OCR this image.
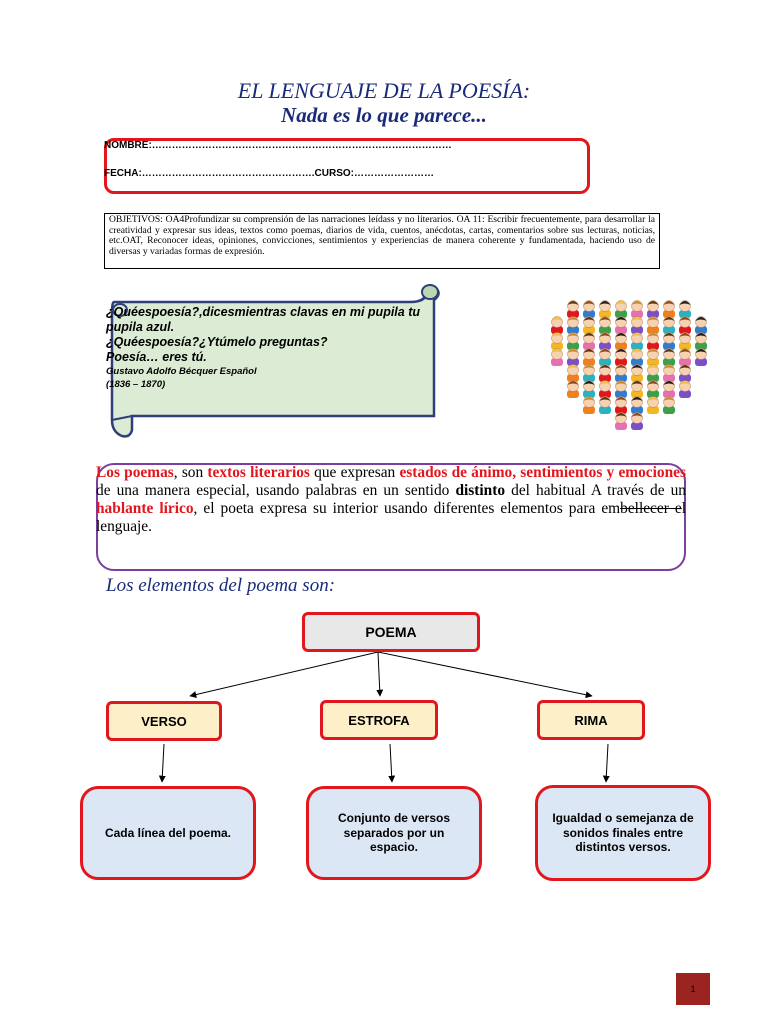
EL LENGUAJE DE LA POESÍA:
Nada es lo que parece...
NOMBRE:………………………………………………………………………………
FECHA:…………………………………………….CURSO:……………………
OBJETIVOS: OA4Profundizar su comprensión de las narraciones leídass y no literarios. OA 11: Escribir frecuentemente, para desarrollar la creatividad y expresar sus ideas, textos como poemas, diarios de vida, cuentos, anécdotas, cartas, comentarios sobre sus lecturas, noticias, etc.OAT, Reconocer ideas, opiniones, convicciones, sentimientos y experiencias de manera coherente y fundamentada, haciendo uso de diversas y variadas formas de expresión.
¿Quéespoesía?,dicesmientras clavas en mi pupila tu pupila azul.
¿Quéespoesía?¿Ytúmelo preguntas?
Poesía… eres tú.
Gustavo Adolfo Bécquer Español
(1836 – 1870)
Los poemas, son textos literarios que expresan estados de ánimo, sentimientos y emociones de una manera especial, usando palabras en un sentido distinto del habitual A través de un hablante lírico, el poeta expresa su interior usando diferentes elementos para embellecer el lenguaje.
Los elementos del poema son:
POEMA
VERSO	ESTROFA	RIMA
Cada línea del poema.
Conjunto de versos separados por un espacio.
Igualdad o semejanza de sonidos finales entre distintos versos.
1
